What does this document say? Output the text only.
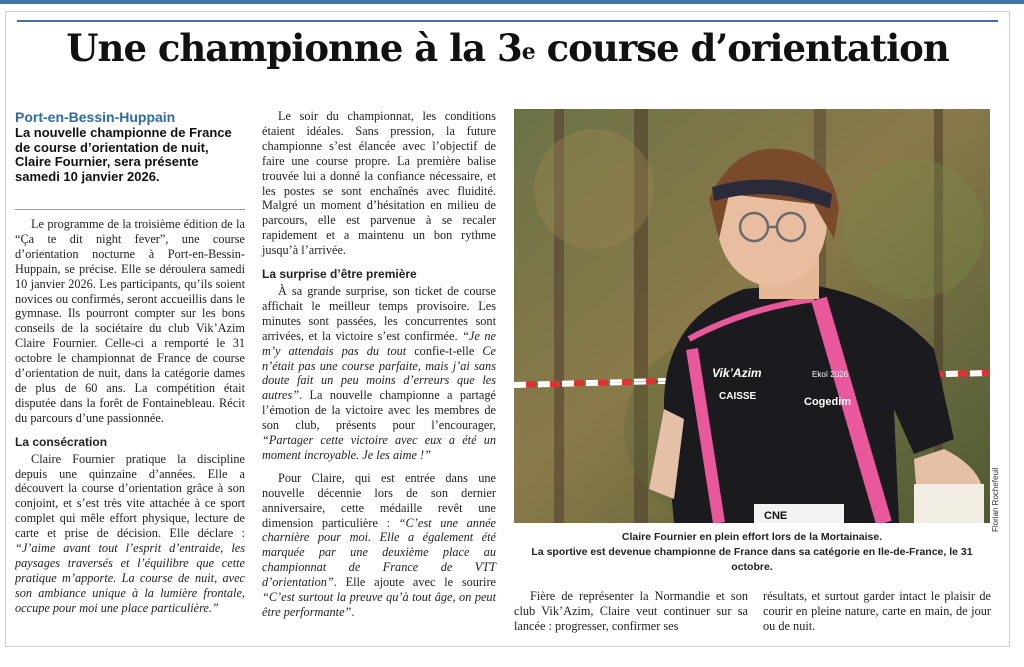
Une championne à la 3e course d’orientation
Port-en-Bessin-Huppain
La nouvelle championne de France de course d’orientation de nuit, Claire Fournier, sera présente samedi 10 janvier 2026.

Le programme de la troisième édition de la “Ça te dit night fever”, une course d’orientation nocturne à Port-en-Bessin-Huppain, se précise. Elle se déroulera samedi 10 janvier 2026. Les participants, qu’ils soient novices ou confirmés, seront accueillis dans le gymnase. Ils pourront compter sur les bons conseils de la sociétaire du club Vik’Azim Claire Fournier. Celle-ci a remporté le 31 octobre le championnat de France de course d’orientation de nuit, dans la catégorie dames de plus de 60 ans. La compétition était disputée dans la forêt de Fontainebleau. Récit du parcours d’une passionnée.

La consécration

Claire Fournier pratique la discipline depuis une quinzaine d’années. Elle a découvert la course d’orientation grâce à son conjoint, et s’est très vite attachée à ce sport complet qui mêle effort physique, lecture de carte et prise de décision. Elle déclare : “J’aime avant tout l’esprit d’entraide, les paysages traversés et l’équilibre que cette pratique m’apporte. La course de nuit, avec son ambiance unique à la lumière frontale, occupe pour moi une place particulière.”

Le soir du championnat, les conditions étaient idéales. Sans pression, la future championne s’est élancée avec l’objectif de faire une course propre. La première balise trouvée lui a donné la confiance nécessaire, et les postes se sont enchaînés avec fluidité. Malgré un moment d’hésitation en milieu de parcours, elle est parvenue à se recaler rapidement et a maintenu un bon rythme jusqu’à l’arrivée.

La surprise d’être première

À sa grande surprise, son ticket de course affichait le meilleur temps provisoire. Les minutes sont passées, les concurrentes sont arrivées, et la victoire s’est confirmée. “Je ne m’y attendais pas du tout confie-t-elle Ce n’était pas une course parfaite, mais j’ai sans doute fait un peu moins d’erreurs que les autres”. La nouvelle championne a partagé l’émotion de la victoire avec les membres de son club, présents pour l’encourager, “Partager cette victoire avec eux a été un moment incroyable. Je les aime !”

Pour Claire, qui est entrée dans une nouvelle décennie lors de son dernier anniversaire, cette médaille revêt une dimension particulière : “C’est une année charnière pour moi. Elle a également été marquée par une deuxième place au championnat de France de VTT d’orientation”. Elle ajoute avec le sourire “C’est surtout la preuve qu’à tout âge, on peut être performante”.

Vik’Azim
CAISSE	Cogedim
Ekoï 2026
CNE	Florian Rochefeuil
Claire Fournier en plein effort lors de la Mortainaise.
La sportive est devenue championne de France dans sa catégorie en Ile-de-France, le 31 octobre.

Fière de représenter la Normandie et son club Vik’Azim, Claire veut continuer sur sa lancée : progresser, confirmer ses

résultats, et surtout garder intact le plaisir de courir en pleine nature, carte en main, de jour ou de nuit.
